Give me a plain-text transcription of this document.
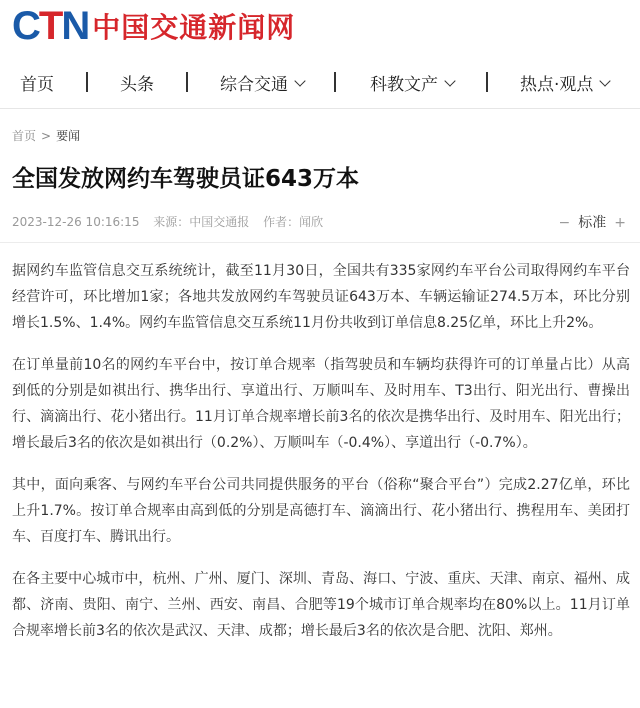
CTN 中国交通新闻网
首页	头条	综合交通	科教文产	热点·观点
首页 > 要闻
全国发放网约车驾驶员证643万本
2023-12-26 10:16:15 来源：中国交通报 作者：闻欣	− 标准 +

据网约车监管信息交互系统统计，截至11月30日，全国共有335家网约车平台公司取得网约车平台经营许可，环比增加1家；各地共发放网约车驾驶员证643万本、车辆运输证274.5万本，环比分别增长1.5%、1.4%。网约车监管信息交互系统11月份共收到订单信息8.25亿单，环比上升2%。

在订单量前10名的网约车平台中，按订单合规率（指驾驶员和车辆均获得许可的订单量占比）从高到低的分别是如祺出行、携华出行、享道出行、万顺叫车、及时用车、T3出行、阳光出行、曹操出行、滴滴出行、花小猪出行。11月订单合规率增长前3名的依次是携华出行、及时用车、阳光出行；增长最后3名的依次是如祺出行（0.2%）、万顺叫车（-0.4%）、享道出行（-0.7%）。

其中，面向乘客、与网约车平台公司共同提供服务的平台（俗称“聚合平台”）完成2.27亿单，环比上升1.7%。按订单合规率由高到低的分别是高德打车、滴滴出行、花小猪出行、携程用车、美团打车、百度打车、腾讯出行。

在各主要中心城市中，杭州、广州、厦门、深圳、青岛、海口、宁波、重庆、天津、南京、福州、成都、济南、贵阳、南宁、兰州、西安、南昌、合肥等19个城市订单合规率均在80%以上。11月订单合规率增长前3名的依次是武汉、天津、成都；增长最后3名的依次是合肥、沈阳、郑州。
